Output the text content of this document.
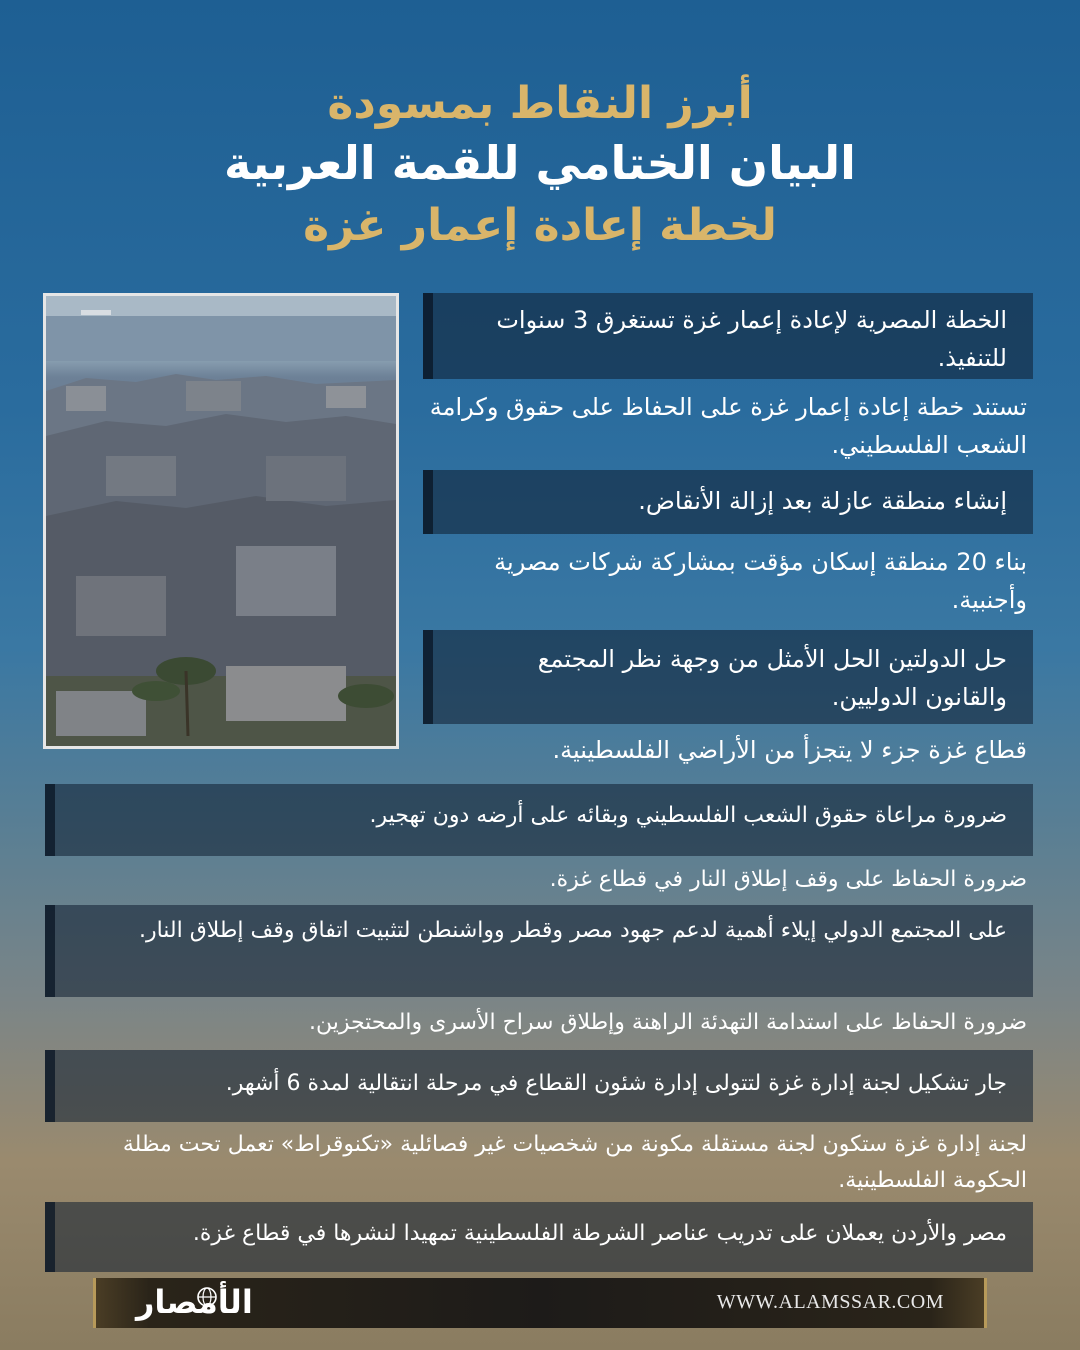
أبرز النقاط بمسودة
البيان الختامي للقمة العربية
لخطة إعادة إعمار غزة
الخطة المصرية لإعادة إعمار غزة تستغرق 3 سنوات للتنفيذ.
تستند خطة إعادة إعمار غزة على الحفاظ على حقوق وكرامة الشعب الفلسطيني.
إنشاء منطقة عازلة بعد إزالة الأنقاض.
بناء 20 منطقة إسكان مؤقت بمشاركة شركات مصرية وأجنبية.
حل الدولتين الحل الأمثل من وجهة نظر المجتمع والقانون الدوليين.
قطاع غزة جزء لا يتجزأ من الأراضي الفلسطينية.
ضرورة مراعاة حقوق الشعب الفلسطيني وبقائه على أرضه دون تهجير.
ضرورة الحفاظ على وقف إطلاق النار في قطاع غزة.
على المجتمع الدولي إيلاء أهمية لدعم جهود مصر وقطر وواشنطن لتثبيت اتفاق وقف إطلاق النار.
ضرورة الحفاظ على استدامة التهدئة الراهنة وإطلاق سراح الأسرى والمحتجزين.
جار تشكيل لجنة إدارة غزة لتتولى إدارة شئون القطاع في مرحلة انتقالية لمدة 6 أشهر.
لجنة إدارة غزة ستكون لجنة مستقلة مكونة من شخصيات غير فصائلية «تكنوقراط» تعمل تحت مظلة الحكومة الفلسطينية.
مصر والأردن يعملان على تدريب عناصر الشرطة الفلسطينية تمهيدا لنشرها في قطاع غزة.
الأمصار	WWW.ALAMSSAR.COM
